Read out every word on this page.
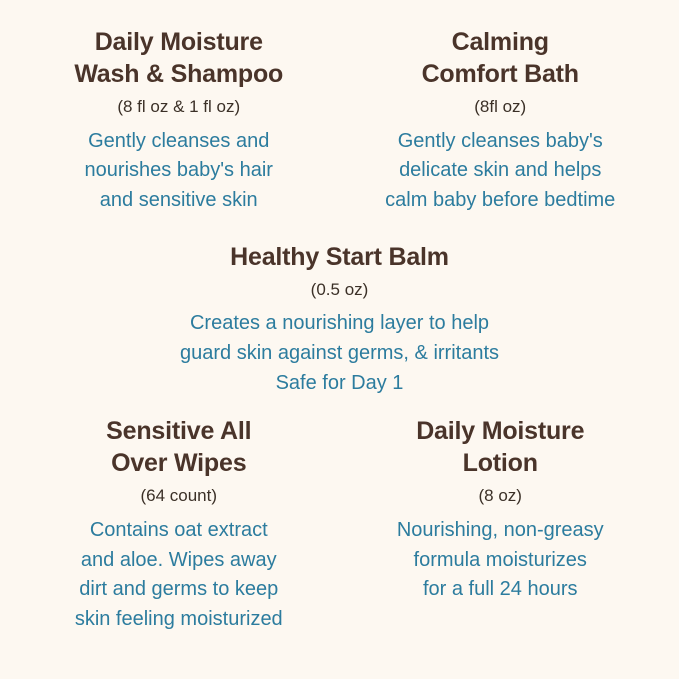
Daily Moisture
Wash & Shampoo

(8 fl oz & 1 fl oz)

Gently cleanses and
nourishes baby's hair
and sensitive skin

Calming
Comfort Bath

(8fl oz)

Gently cleanses baby's
delicate skin and helps
calm baby before bedtime

Healthy Start Balm

(0.5 oz)

Creates a nourishing layer to help
guard skin against germs, & irritants
Safe for Day 1

Sensitive All
Over Wipes

(64 count)

Contains oat extract
and aloe. Wipes away
dirt and germs to keep
skin feeling moisturized

Daily Moisture
Lotion

(8 oz)

Nourishing, non-greasy
formula moisturizes
for a full 24 hours
